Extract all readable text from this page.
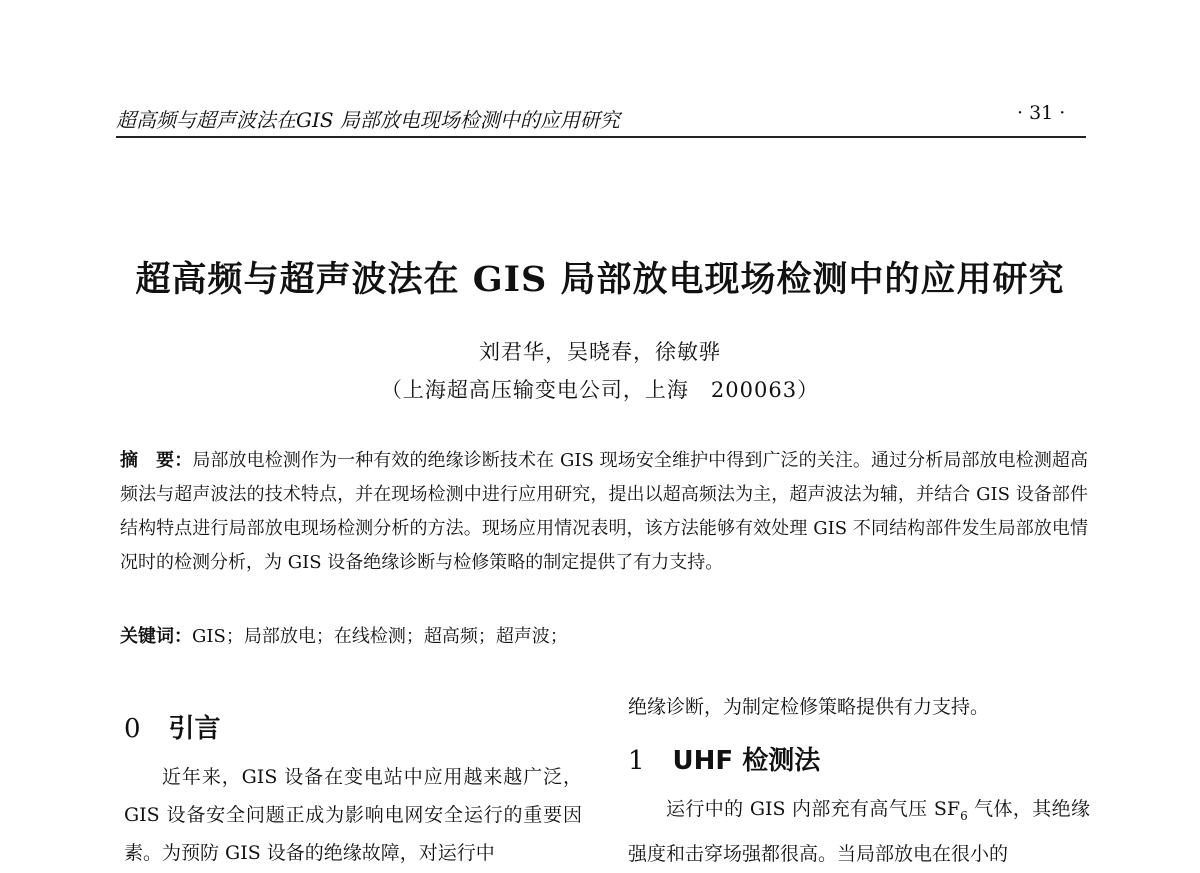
超高频与超声波法在GIS 局部放电现场检测中的应用研究	· 31 ·
超高频与超声波法在 GIS 局部放电现场检测中的应用研究
刘君华，吴晓春，徐敏骅
（上海超高压输变电公司，上海　200063）
摘　要：局部放电检测作为一种有效的绝缘诊断技术在 GIS 现场安全维护中得到广泛的关注。通过分析局部放电检测超高频法与超声波法的技术特点，并在现场检测中进行应用研究，提出以超高频法为主，超声波法为辅，并结合 GIS 设备部件结构特点进行局部放电现场检测分析的方法。现场应用情况表明，该方法能够有效处理 GIS 不同结构部件发生局部放电情况时的检测分析，为 GIS 设备绝缘诊断与检修策略的制定提供了有力支持。
关键词：GIS；局部放电；在线检测；超高频；超声波；
0 引言
近年来，GIS 设备在变电站中应用越来越广泛，GIS 设备安全问题正成为影响电网安全运行的重要因素。为预防 GIS 设备的绝缘故障，对运行中
绝缘诊断，为制定检修策略提供有力支持。
1 UHF 检测法
运行中的 GIS 内部充有高气压 $SF_6$ 气体，其绝缘强度和击穿场强都很高。当局部放电在很小的
